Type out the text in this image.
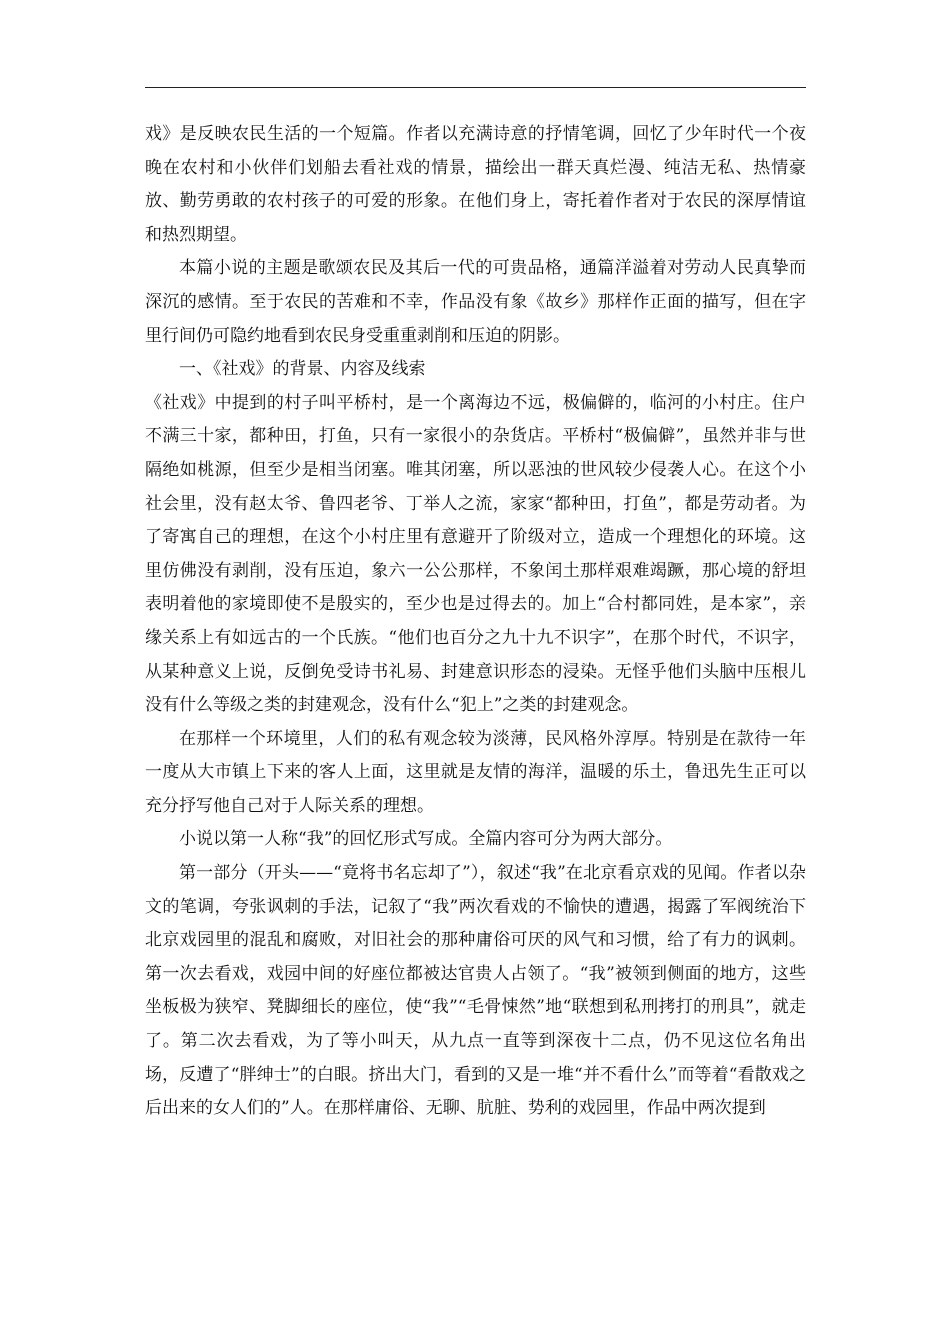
戏》是反映农民生活的一个短篇。作者以充满诗意的抒情笔调，回忆了少年时代一个夜晚在农村和小伙伴们划船去看社戏的情景，描绘出一群天真烂漫、纯洁无私、热情豪放、勤劳勇敢的农村孩子的可爱的形象。在他们身上，寄托着作者对于农民的深厚情谊和热烈期望。

本篇小说的主题是歌颂农民及其后一代的可贵品格，通篇洋溢着对劳动人民真挚而深沉的感情。至于农民的苦难和不幸，作品没有象《故乡》那样作正面的描写，但在字里行间仍可隐约地看到农民身受重重剥削和压迫的阴影。

一、《社戏》的背景、内容及线索

《社戏》中提到的村子叫平桥村，是一个离海边不远，极偏僻的，临河的小村庄。住户不满三十家，都种田，打鱼，只有一家很小的杂货店。平桥村“极偏僻”，虽然并非与世隔绝如桃源，但至少是相当闭塞。唯其闭塞，所以恶浊的世风较少侵袭人心。在这个小社会里，没有赵太爷、鲁四老爷、丁举人之流，家家“都种田，打鱼”，都是劳动者。为了寄寓自己的理想，在这个小村庄里有意避开了阶级对立，造成一个理想化的环境。这里仿佛没有剥削，没有压迫，象六一公公那样，不象闰土那样艰难竭蹶，那心境的舒坦表明着他的家境即使不是殷实的，至少也是过得去的。加上“合村都同姓，是本家”，亲缘关系上有如远古的一个氏族。“他们也百分之九十九不识字”，在那个时代，不识字，从某种意义上说，反倒免受诗书礼易、封建意识形态的浸染。无怪乎他们头脑中压根儿没有什么等级之类的封建观念，没有什么“犯上”之类的封建观念。

在那样一个环境里，人们的私有观念较为淡薄，民风格外淳厚。特别是在款待一年一度从大市镇上下来的客人上面，这里就是友情的海洋，温暖的乐土，鲁迅先生正可以充分抒写他自己对于人际关系的理想。

小说以第一人称“我”的回忆形式写成。全篇内容可分为两大部分。

第一部分（开头——“竟将书名忘却了”），叙述“我”在北京看京戏的见闻。作者以杂文的笔调，夸张讽刺的手法，记叙了“我”两次看戏的不愉快的遭遇，揭露了军阀统治下北京戏园里的混乱和腐败，对旧社会的那种庸俗可厌的风气和习惯，给了有力的讽刺。第一次去看戏，戏园中间的好座位都被达官贵人占领了。“我”被领到侧面的地方，这些坐板极为狭窄、凳脚细长的座位，使“我”“毛骨悚然”地“联想到私刑拷打的刑具”，就走了。第二次去看戏，为了等小叫天，从九点一直等到深夜十二点，仍不见这位名角出场，反遭了“胖绅士”的白眼。挤出大门，看到的又是一堆“并不看什么”而等着“看散戏之后出来的女人们的”人。在那样庸俗、无聊、肮脏、势利的戏园里，作品中两次提到
